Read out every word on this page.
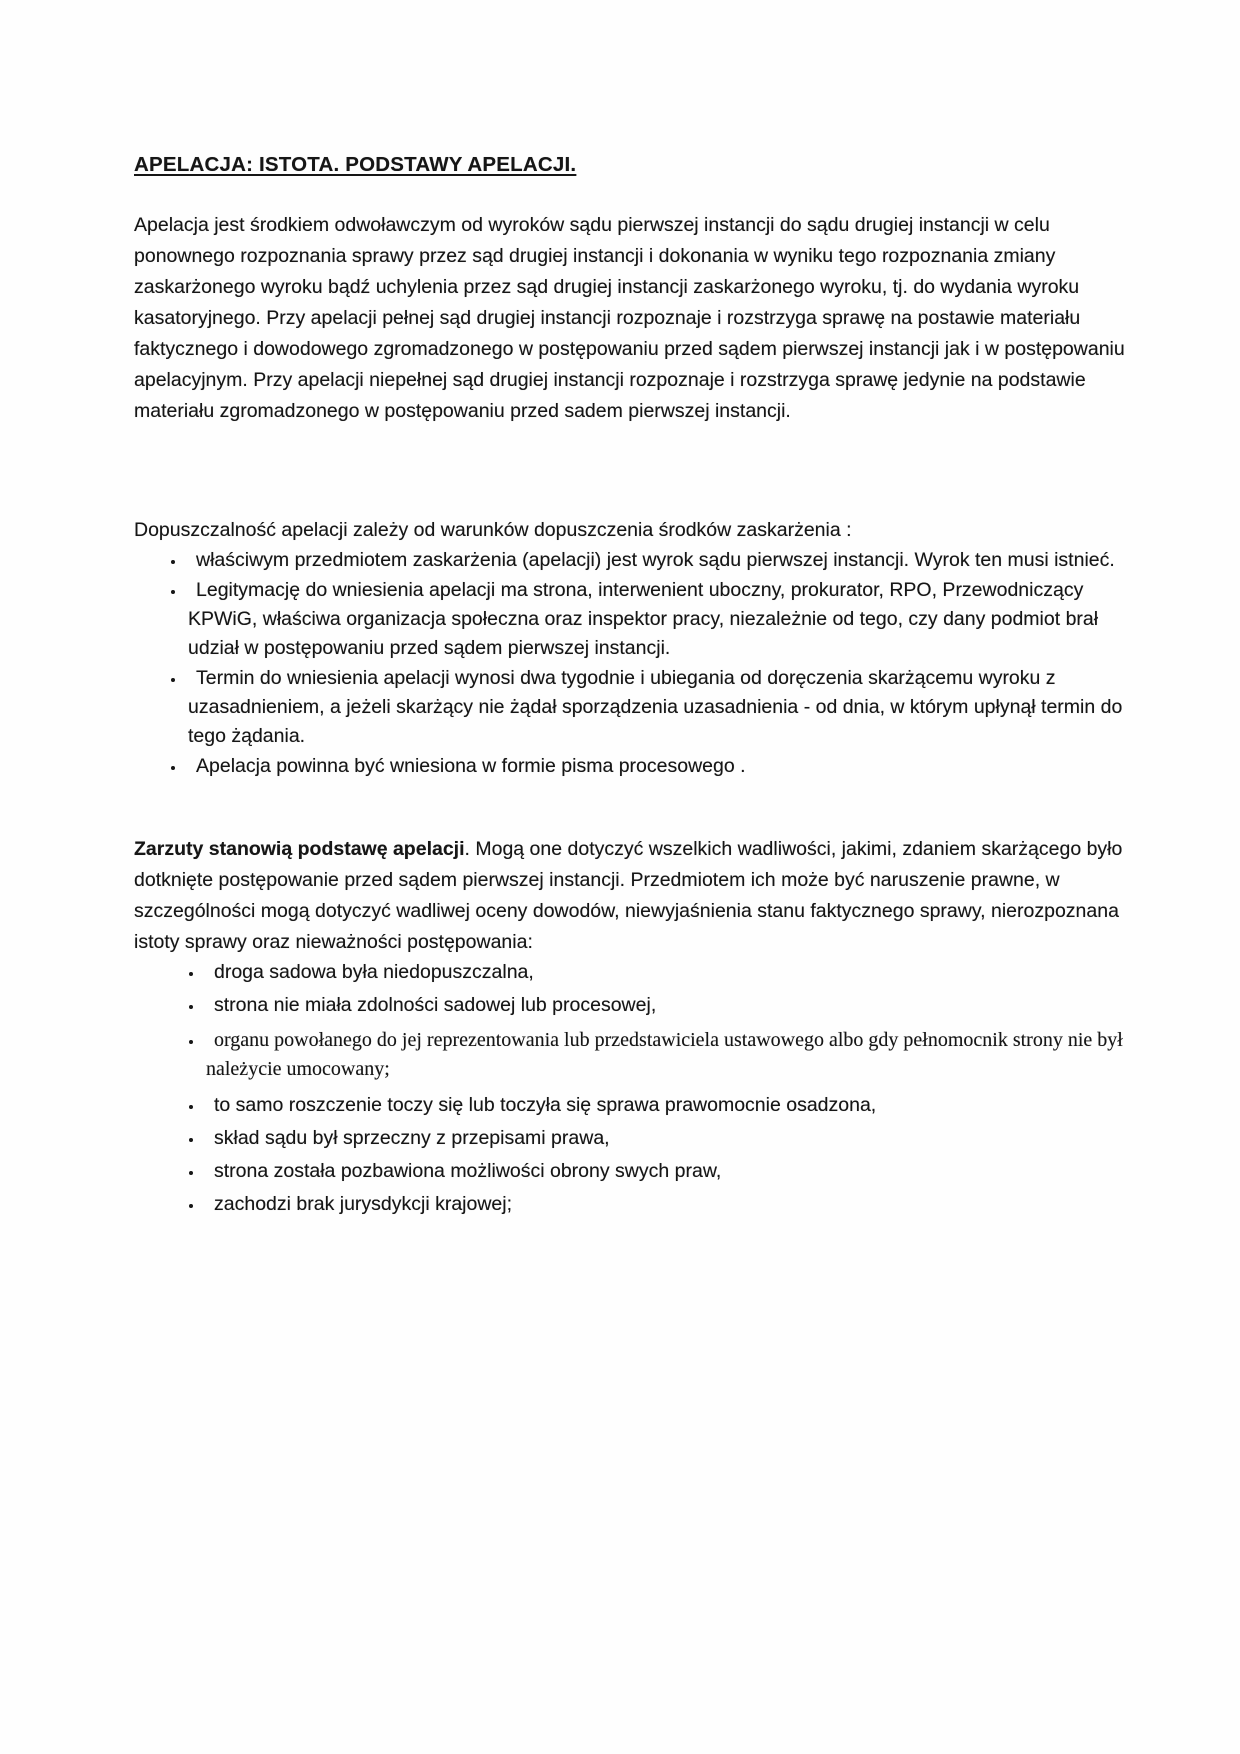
APELACJA: ISTOTA. PODSTAWY APELACJI.

Apelacja jest środkiem odwoławczym od wyroków sądu pierwszej instancji do sądu drugiej instancji w celu ponownego rozpoznania sprawy przez sąd drugiej instancji i dokonania w wyniku tego rozpoznania zmiany zaskarżonego wyroku bądź uchylenia przez sąd drugiej instancji zaskarżonego wyroku, tj. do wydania wyroku kasatoryjnego. Przy apelacji pełnej sąd drugiej instancji rozpoznaje i rozstrzyga sprawę na postawie materiału faktycznego i dowodowego zgromadzonego w postępowaniu przed sądem pierwszej instancji jak i w postępowaniu apelacyjnym. Przy apelacji niepełnej sąd drugiej instancji rozpoznaje i rozstrzyga sprawę jedynie na podstawie materiału zgromadzonego w postępowaniu przed sadem pierwszej instancji.

Dopuszczalność apelacji zależy od warunków dopuszczenia środków zaskarżenia :

• właściwym przedmiotem zaskarżenia (apelacji) jest wyrok sądu pierwszej instancji. Wyrok ten musi istnieć.
• Legitymację do wniesienia apelacji ma strona, interwenient uboczny, prokurator, RPO, Przewodniczący KPWiG, właściwa organizacja społeczna oraz inspektor pracy, niezależnie od tego, czy dany podmiot brał udział w postępowaniu przed sądem pierwszej instancji.
• Termin do wniesienia apelacji wynosi dwa tygodnie i ubiegania od doręczenia skarżącemu wyroku z uzasadnieniem, a jeżeli skarżący nie żądał sporządzenia uzasadnienia - od dnia, w którym upłynął termin do tego żądania.
• Apelacja powinna być wniesiona w formie pisma procesowego .

Zarzuty stanowią podstawę apelacji. Mogą one dotyczyć wszelkich wadliwości, jakimi, zdaniem skarżącego było dotknięte postępowanie przed sądem pierwszej instancji. Przedmiotem ich może być naruszenie prawne, w szczególności mogą dotyczyć wadliwej oceny dowodów, niewyjaśnienia stanu faktycznego sprawy, nierozpoznana istoty sprawy oraz nieważności postępowania:

• droga sadowa była niedopuszczalna,
• strona nie miała zdolności sadowej lub procesowej,
• organu powołanego do jej reprezentowania lub przedstawiciela ustawowego albo gdy pełnomocnik strony nie był należycie umocowany;
• to samo roszczenie toczy się lub toczyła się sprawa prawomocnie osadzona,
• skład sądu był sprzeczny z przepisami prawa,
• strona została pozbawiona możliwości obrony swych praw,
• zachodzi brak jurysdykcji krajowej;
